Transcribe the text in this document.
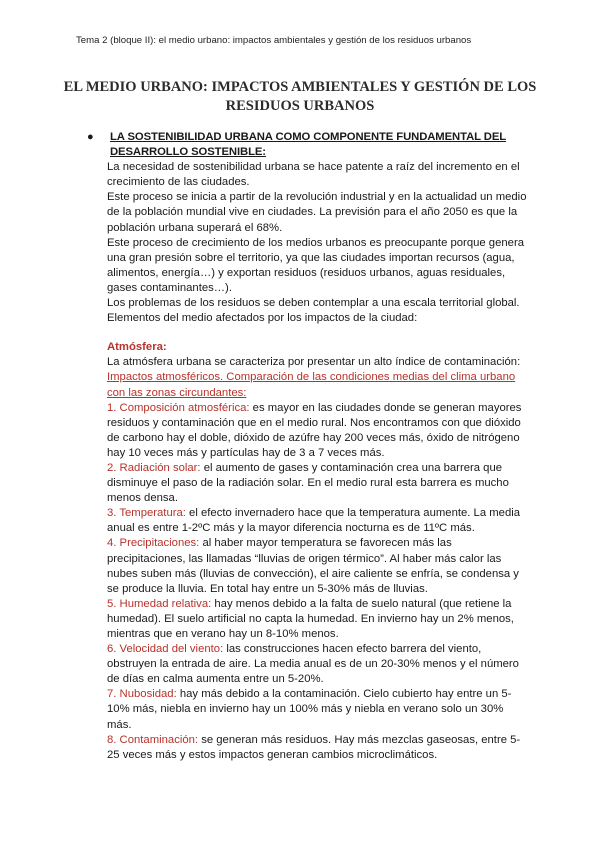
Tema 2 (bloque II): el medio urbano: impactos ambientales y gestión de los residuos urbanos
EL MEDIO URBANO: IMPACTOS AMBIENTALES Y GESTIÓN DE LOS RESIDUOS URBANOS
● LA SOSTENIBILIDAD URBANA COMO COMPONENTE FUNDAMENTAL DEL DESARROLLO SOSTENIBLE:

La necesidad de sostenibilidad urbana se hace patente a raíz del incremento en el crecimiento de las ciudades.

Este proceso se inicia a partir de la revolución industrial y en la actualidad un medio de la población mundial vive en ciudades. La previsión para el año 2050 es que la población urbana superará el 68%.

Este proceso de crecimiento de los medios urbanos es preocupante porque genera una gran presión sobre el territorio, ya que las ciudades importan recursos (agua, alimentos, energía…) y exportan residuos (residuos urbanos, aguas residuales, gases contaminantes…).

Los problemas de los residuos se deben contemplar a una escala territorial global.

Elementos del medio afectados por los impactos de la ciudad:

Atmósfera:

La atmósfera urbana se caracteriza por presentar un alto índice de contaminación:

Impactos atmosféricos. Comparación de las condiciones medias del clima urbano con las zonas circundantes:

1. Composición atmosférica: es mayor en las ciudades donde se generan mayores residuos y contaminación que en el medio rural. Nos encontramos con que dióxido de carbono hay el doble, dióxido de azúfre hay 200 veces más, óxido de nitrógeno hay 10 veces más y partículas hay de 3 a 7 veces más.

2. Radiación solar: el aumento de gases y contaminación crea una barrera que disminuye el paso de la radiación solar. En el medio rural esta barrera es mucho menos densa.

3. Temperatura: el efecto invernadero hace que la temperatura aumente. La media anual es entre 1-2ºC más y la mayor diferencia nocturna es de 11ºC más.

4. Precipitaciones: al haber mayor temperatura se favorecen más las precipitaciones, las llamadas “lluvias de origen térmico”. Al haber más calor las nubes suben más (lluvias de convección), el aire caliente se enfría, se condensa y se produce la lluvia. En total hay entre un 5-30% más de lluvias.

5. Humedad relativa: hay menos debido a la falta de suelo natural (que retiene la humedad). El suelo artificial no capta la humedad. En invierno hay un 2% menos, mientras que en verano hay un 8-10% menos.

6. Velocidad del viento: las construcciones hacen efecto barrera del viento, obstruyen la entrada de aire. La media anual es de un 20-30% menos y el número de días en calma aumenta entre un 5-20%.

7. Nubosidad: hay más debido a la contaminación. Cielo cubierto hay entre un 5-10% más, niebla en invierno hay un 100% más y niebla en verano solo un 30% más.

8. Contaminación: se generan más residuos. Hay más mezclas gaseosas, entre 5-25 veces más y estos impactos generan cambios microclimáticos.
